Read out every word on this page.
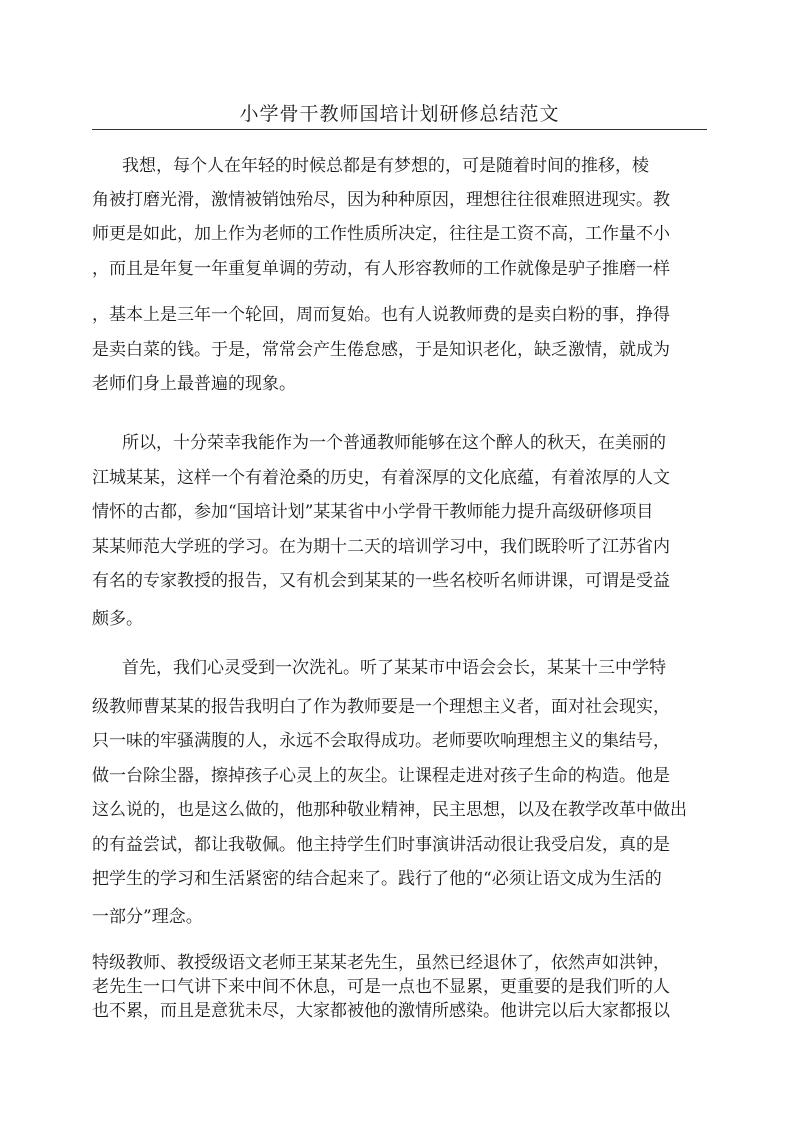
小学骨干教师国培计划研修总结范文
我想，每个人在年轻的时候总都是有梦想的，可是随着时间的推移，棱
角被打磨光滑，激情被销蚀殆尽，因为种种原因，理想往往很难照进现实。教
师更是如此，加上作为老师的工作性质所决定，往往是工资不高，工作量不小
，而且是年复一年重复单调的劳动，有人形容教师的工作就像是驴子推磨一样
，基本上是三年一个轮回，周而复始。也有人说教师费的是卖白粉的事，挣得
是卖白菜的钱。于是，常常会产生倦怠感，于是知识老化，缺乏激情，就成为
老师们身上最普遍的现象。
所以，十分荣幸我能作为一个普通教师能够在这个醉人的秋天，在美丽的
江城某某，这样一个有着沧桑的历史，有着深厚的文化底蕴，有着浓厚的人文
情怀的古都，参加“国培计划”某某省中小学骨干教师能力提升高级研修项目
某某师范大学班的学习。在为期十二天的培训学习中，我们既聆听了江苏省内
有名的专家教授的报告，又有机会到某某的一些名校听名师讲课，可谓是受益
颇多。
首先，我们心灵受到一次洗礼。听了某某市中语会会长，某某十三中学特
级教师曹某某的报告我明白了作为教师要是一个理想主义者，面对社会现实，
只一味的牢骚满腹的人，永远不会取得成功。老师要吹响理想主义的集结号，
做一台除尘器，擦掉孩子心灵上的灰尘。让课程走进对孩子生命的构造。他是
这么说的，也是这么做的，他那种敬业精神，民主思想，以及在教学改革中做出
的有益尝试，都让我敬佩。他主持学生们时事演讲活动很让我受启发，真的是
把学生的学习和生活紧密的结合起来了。践行了他的“必须让语文成为生活的
一部分”理念。
特级教师、教授级语文老师王某某老先生，虽然已经退休了，依然声如洪钟，
老先生一口气讲下来中间不休息，可是一点也不显累，更重要的是我们听的人
也不累，而且是意犹未尽，大家都被他的激情所感染。他讲完以后大家都报以
